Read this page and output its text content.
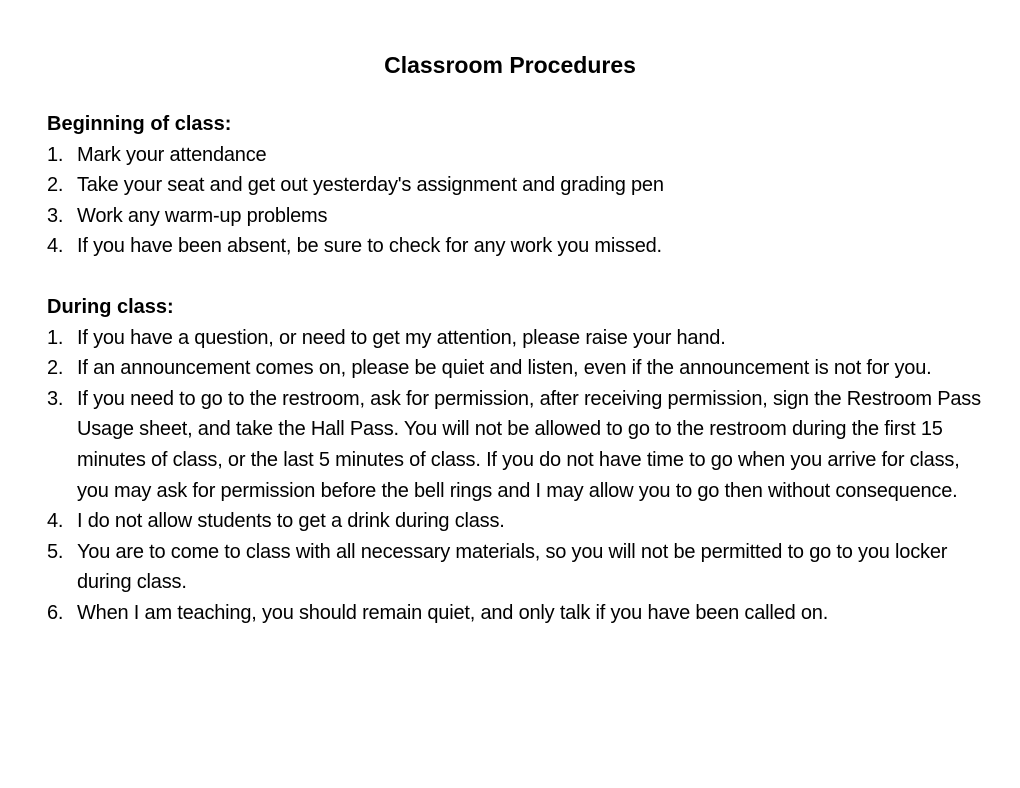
Classroom Procedures
Beginning of class:
1. Mark your attendance
2. Take your seat and get out yesterday's assignment and grading pen
3. Work any warm-up problems
4. If you have been absent, be sure to check for any work you missed.
During class:
1. If you have a question, or need to get my attention, please raise your hand.
2. If an announcement comes on, please be quiet and listen, even if the announcement is not for you.
3. If you need to go to the restroom, ask for permission, after receiving permission, sign the Restroom Pass Usage sheet, and take the Hall Pass. You will not be allowed to go to the restroom during the first 15 minutes of class, or the last 5 minutes of class. If you do not have time to go when you arrive for class, you may ask for permission before the bell rings and I may allow you to go then without consequence.
4. I do not allow students to get a drink during class.
5. You are to come to class with all necessary materials, so you will not be permitted to go to you locker during class.
6. When I am teaching, you should remain quiet, and only talk if you have been called on.
